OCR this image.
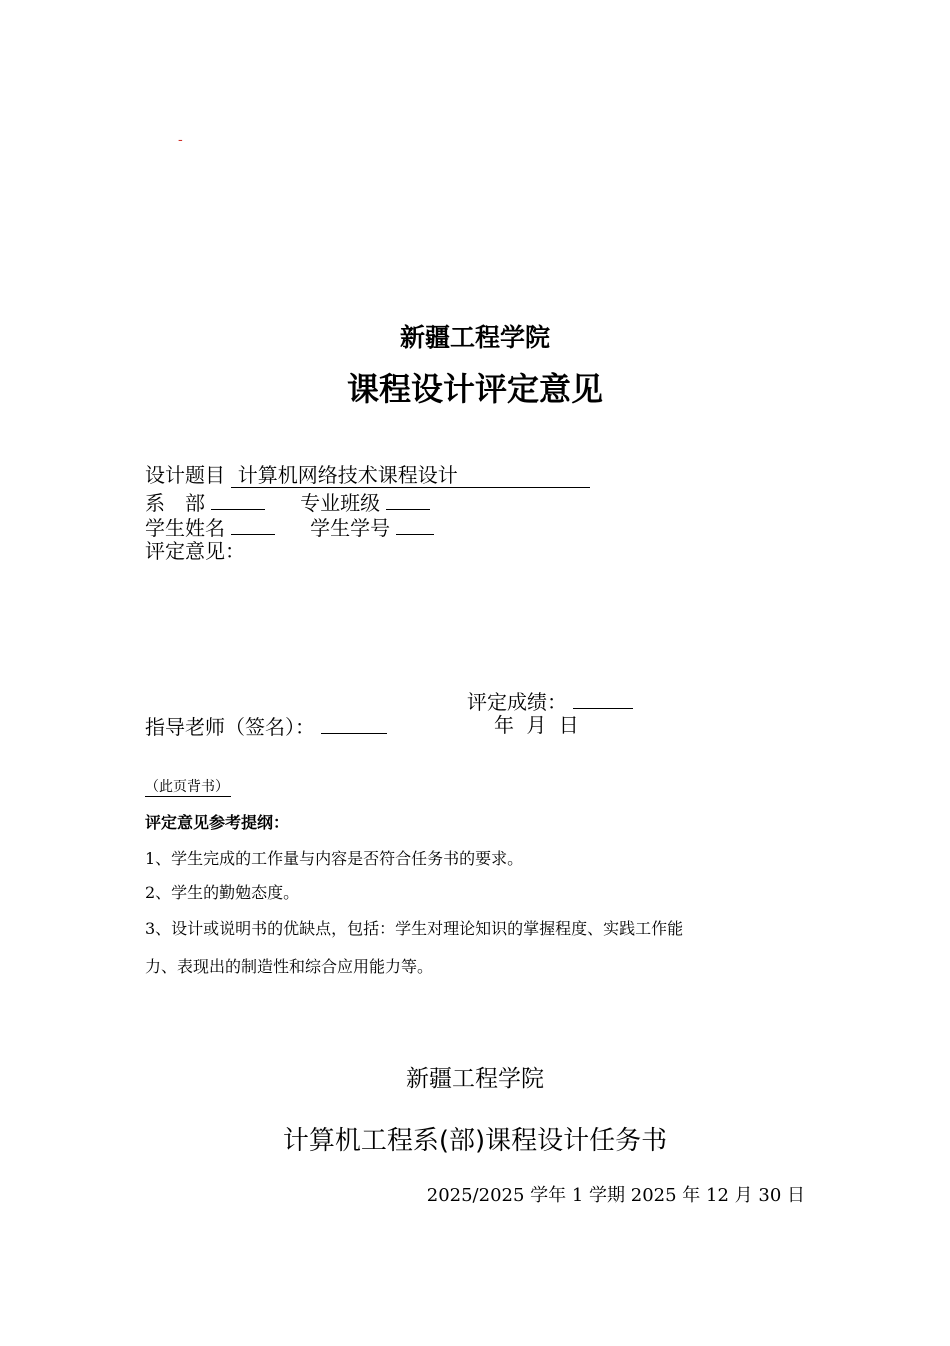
-
新疆工程学院
课程设计评定意见
设计题目 计算机网络技术课程设计
系　部	专业班级
学生姓名	学生学号
评定意见：
评定成绩：
指导老师（签名）：	年 月 日
（此页背书）
评定意见参考提纲：
1、学生完成的工作量与内容是否符合任务书的要求。
2、学生的勤勉态度。
3、设计或说明书的优缺点，包括：学生对理论知识的掌握程度、实践工作能
力、表现出的制造性和综合应用能力等。
新疆工程学院
计算机工程系(部)课程设计任务书
2025/2025 学年 1 学期 2025 年 12 月 30 日
